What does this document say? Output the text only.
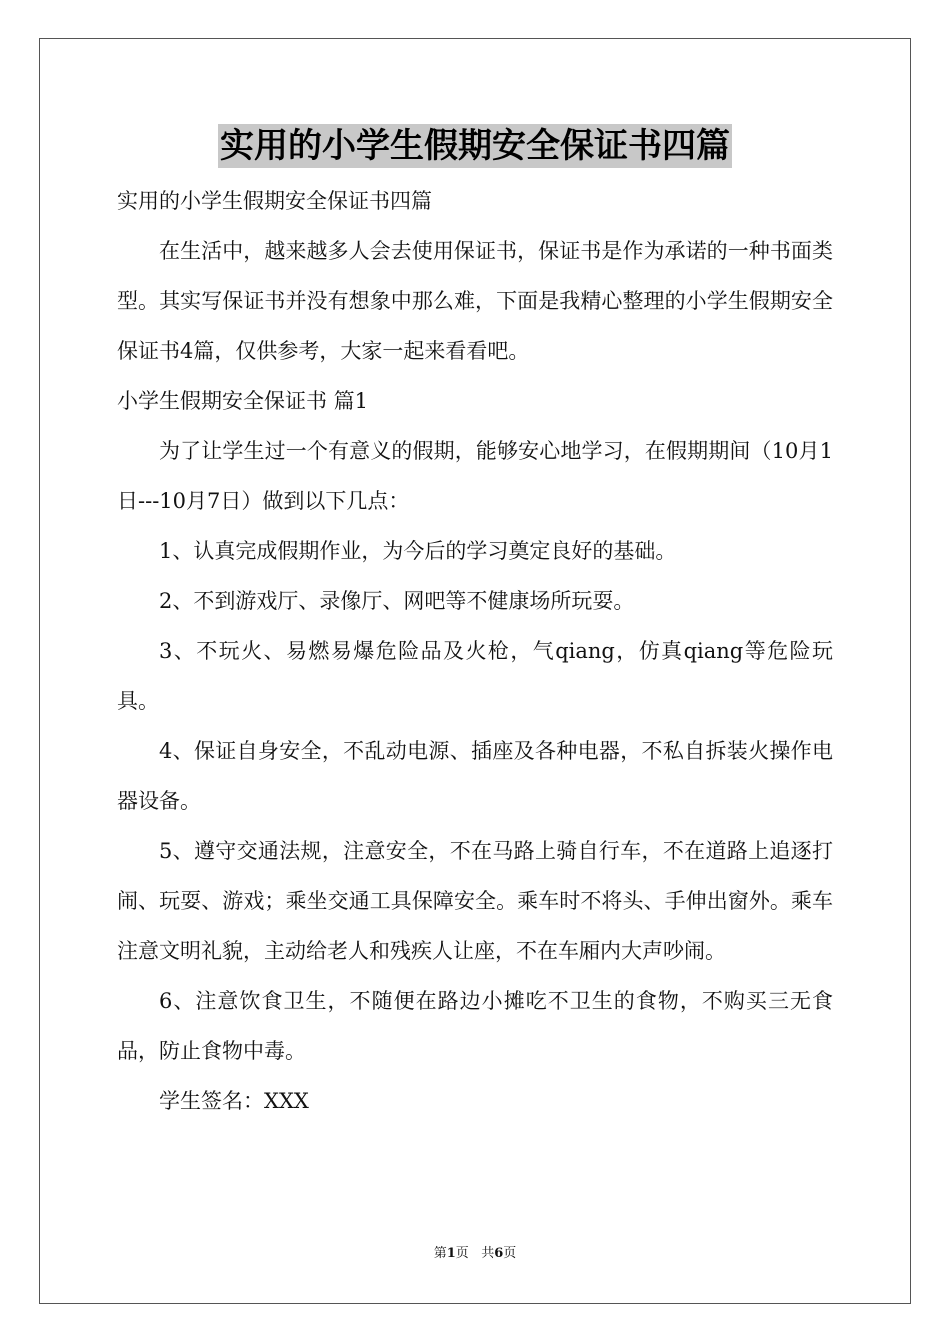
实用的小学生假期安全保证书四篇

实用的小学生假期安全保证书四篇

在生活中，越来越多人会去使用保证书，保证书是作为承诺的一种书面类型。其实写保证书并没有想象中那么难，下面是我精心整理的小学生假期安全保证书4篇，仅供参考，大家一起来看看吧。

小学生假期安全保证书 篇1

为了让学生过一个有意义的假期，能够安心地学习，在假期期间（10月1日---10月7日）做到以下几点：

1、认真完成假期作业，为今后的学习奠定良好的基础。

2、不到游戏厅、录像厅、网吧等不健康场所玩耍。

3、不玩火、易燃易爆危险品及火枪，气qiang，仿真qiang等危险玩具。

4、保证自身安全，不乱动电源、插座及各种电器，不私自拆装火操作电器设备。

5、遵守交通法规，注意安全，不在马路上骑自行车，不在道路上追逐打闹、玩耍、游戏；乘坐交通工具保障安全。乘车时不将头、手伸出窗外。乘车注意文明礼貌，主动给老人和残疾人让座，不在车厢内大声吵闹。

6、注意饮食卫生，不随便在路边小摊吃不卫生的食物，不购买三无食品，防止食物中毒。

学生签名：XXX

第1页 共6页
